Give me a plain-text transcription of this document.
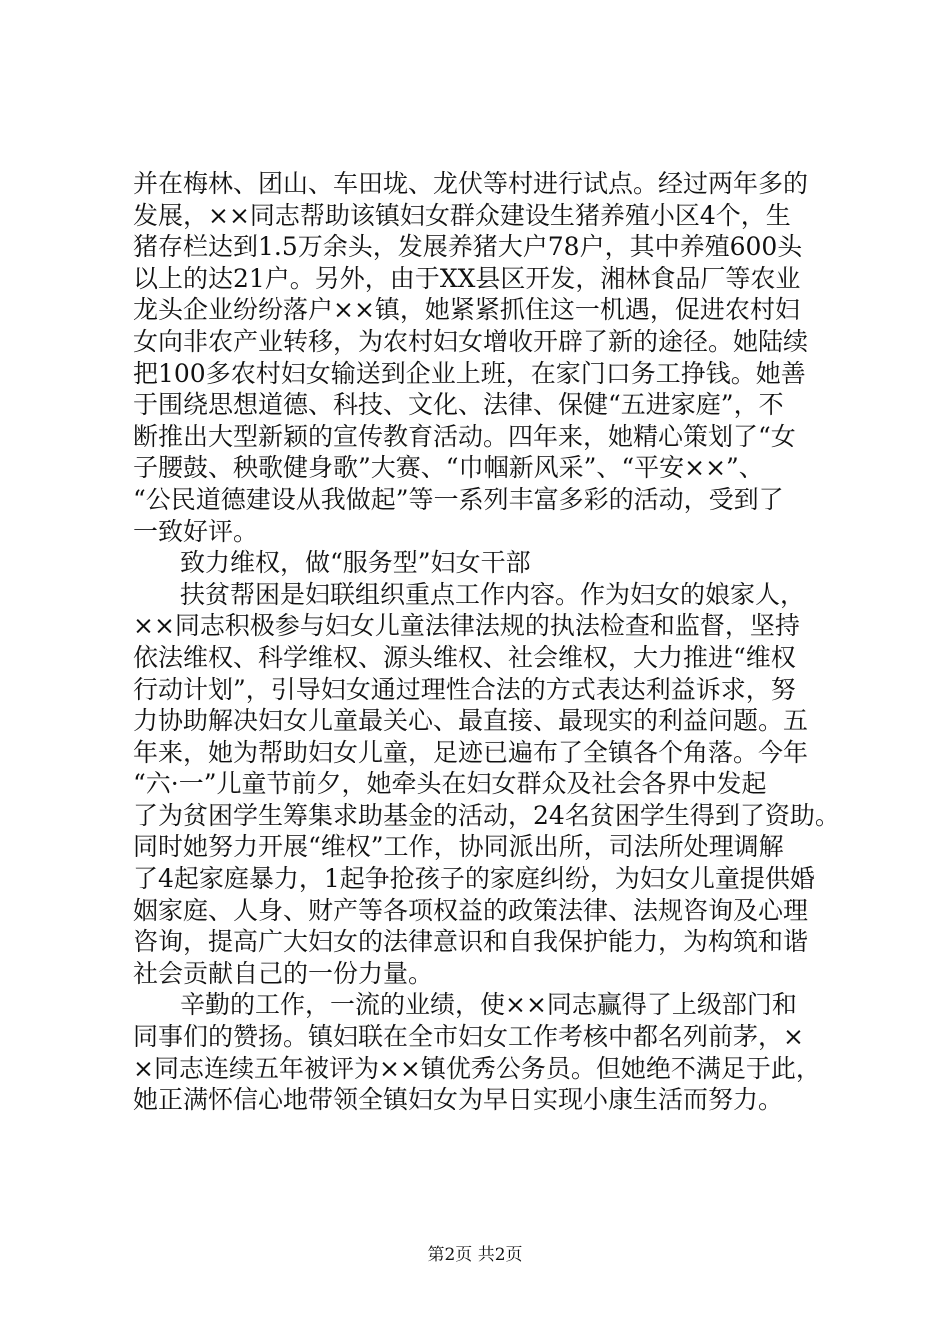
并在梅林、团山、车田垅、龙伏等村进行试点。经过两年多的
发展，××同志帮助该镇妇女群众建设生猪养殖小区4个，生
猪存栏达到1.5万余头，发展养猪大户78户，其中养殖600头
以上的达21户。另外，由于XX县区开发，湘林食品厂等农业
龙头企业纷纷落户××镇，她紧紧抓住这一机遇，促进农村妇
女向非农产业转移，为农村妇女增收开辟了新的途径。她陆续
把100多农村妇女输送到企业上班，在家门口务工挣钱。她善
于围绕思想道德、科技、文化、法律、保健“五进家庭”，不
断推出大型新颖的宣传教育活动。四年来，她精心策划了“女
子腰鼓、秧歌健身歌”大赛、“巾帼新风采”、“平安××”、
“公民道德建设从我做起”等一系列丰富多彩的活动，受到了
一致好评。
致力维权，做“服务型”妇女干部
扶贫帮困是妇联组织重点工作内容。作为妇女的娘家人，
××同志积极参与妇女儿童法律法规的执法检查和监督，坚持
依法维权、科学维权、源头维权、社会维权，大力推进“维权
行动计划”，引导妇女通过理性合法的方式表达利益诉求，努
力协助解决妇女儿童最关心、最直接、最现实的利益问题。五
年来，她为帮助妇女儿童，足迹已遍布了全镇各个角落。今年
“六·一”儿童节前夕，她牵头在妇女群众及社会各界中发起
了为贫困学生筹集求助基金的活动，24名贫困学生得到了资助。
同时她努力开展“维权”工作，协同派出所，司法所处理调解
了4起家庭暴力，1起争抢孩子的家庭纠纷，为妇女儿童提供婚
姻家庭、人身、财产等各项权益的政策法律、法规咨询及心理
咨询，提高广大妇女的法律意识和自我保护能力，为构筑和谐
社会贡献自己的一份力量。
辛勤的工作，一流的业绩，使××同志赢得了上级部门和
同事们的赞扬。镇妇联在全市妇女工作考核中都名列前茅，×
×同志连续五年被评为××镇优秀公务员。但她绝不满足于此，
她正满怀信心地带领全镇妇女为早日实现小康生活而努力。
第2页 共2页
